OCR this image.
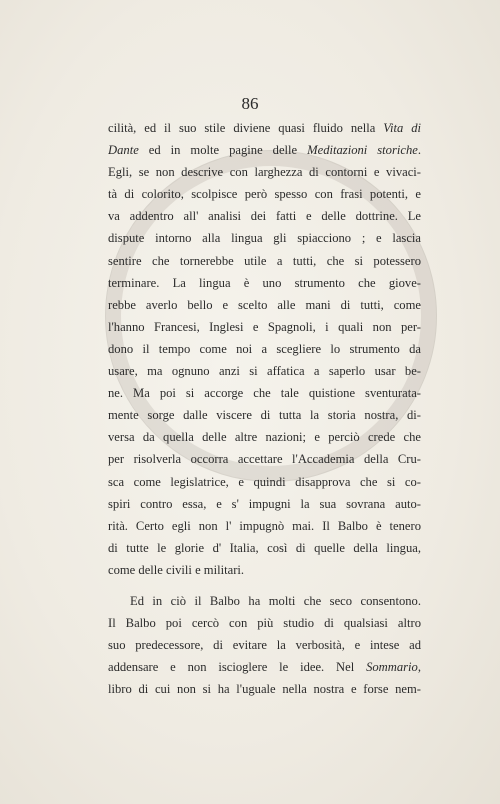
86
cilità, ed il suo stile diviene quasi fluido nella Vita di
Dante ed in molte pagine delle Meditazioni storiche.
Egli, se non descrive con larghezza di contorni e vivaci-
tà di colorito, scolpisce però spesso con frasi potenti, e
va addentro all' analisi dei fatti e delle dottrine. Le
dispute intorno alla lingua gli spiacciono ; e lascia
sentire che tornerebbe utile a tutti, che si potessero
terminare. La lingua è uno strumento che giove-
rebbe averlo bello e scelto alle mani di tutti, come
l'hanno Francesi, Inglesi e Spagnoli, i quali non per-
dono il tempo come noi a scegliere lo strumento da
usare, ma ognuno anzi si affatica a saperlo usar be-
ne. Ma poi si accorge che tale quistione sventurata-
mente sorge dalle viscere di tutta la storia nostra, di-
versa da quella delle altre nazioni; e perciò crede che
per risolverla occorra accettare l'Accademia della Cru-
sca come legislatrice, e quindi disapprova che si co-
spiri contro essa, e s' impugni la sua sovrana auto-
rità. Certo egli non l' impugnò mai. Il Balbo è tenero
di tutte le glorie d' Italia, così di quelle della lingua,
come delle civili e militari.
Ed in ciò il Balbo ha molti che seco consentono.
Il Balbo poi cercò con più studio di qualsiasi altro
suo predecessore, di evitare la verbosità, e intese ad
addensare e non iscioglere le idee. Nel Sommario,
libro di cui non si ha l'uguale nella nostra e forse nem-
